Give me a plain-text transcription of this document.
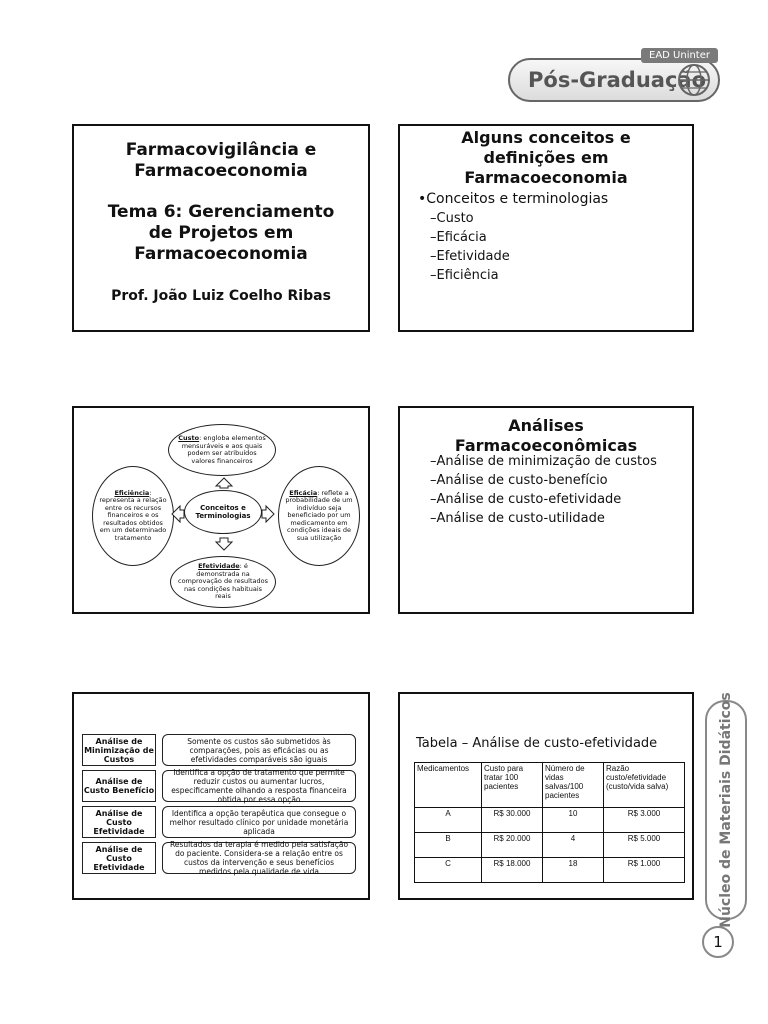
Pós-Graduação
EAD Uninter
Farmacovigilância e
Farmacoeconomia
Tema 6: Gerenciamento
de Projetos em
Farmacoeconomia
Prof. João Luiz Coelho Ribas
Alguns conceitos e
definições em
Farmacoeconomia
•Conceitos e terminologias
–Custo
–Eficácia
–Efetividade
–Eficiência
Custo: engloba elementos mensuráveis e aos quais podem ser atribuídos valores financeiros
Eficiência: representa a relação entre os recursos financeiros e os resultados obtidos em um determinado tratamento
Eficácia: reflete a probabilidade de um indivíduo seja beneficiado por um medicamento em condições ideais de sua utilização
Efetividade: é demonstrada na comprovação de resultados nas condições habituais reais
Conceitos e Terminologias
Análises
Farmacoeconômicas
–Análise de minimização de custos
–Análise de custo-benefício
–Análise de custo-efetividade
–Análise de custo-utilidade
Análise de Minimização de Custos
Somente os custos são submetidos às comparações, pois as eficácias ou as efetividades comparáveis são iguais
Análise de Custo Benefício
Identifica a opção de tratamento que permite reduzir custos ou aumentar lucros, especificamente olhando a resposta financeira obtida por essa opção
Análise de Custo Efetividade
Identifica a opção terapêutica que consegue o melhor resultado clínico por unidade monetária aplicada
Análise de Custo Efetividade
Resultados da terapia é medido pela satisfação do paciente. Considera-se a relação entre os custos da intervenção e seus benefícios medidos pela qualidade de vida
Tabela – Análise de custo-efetividade
Medicamentos	Custo para tratar 100 pacientes	Número de vidas salvas/100 pacientes	Razão custo/efetividade (custo/vida salva)
A	R$ 30.000	10	R$ 3.000
B	R$ 20.000	4	R$ 5.000
C	R$ 18.000	18	R$ 1.000	Núcleo de Materiais Didáticos
1
